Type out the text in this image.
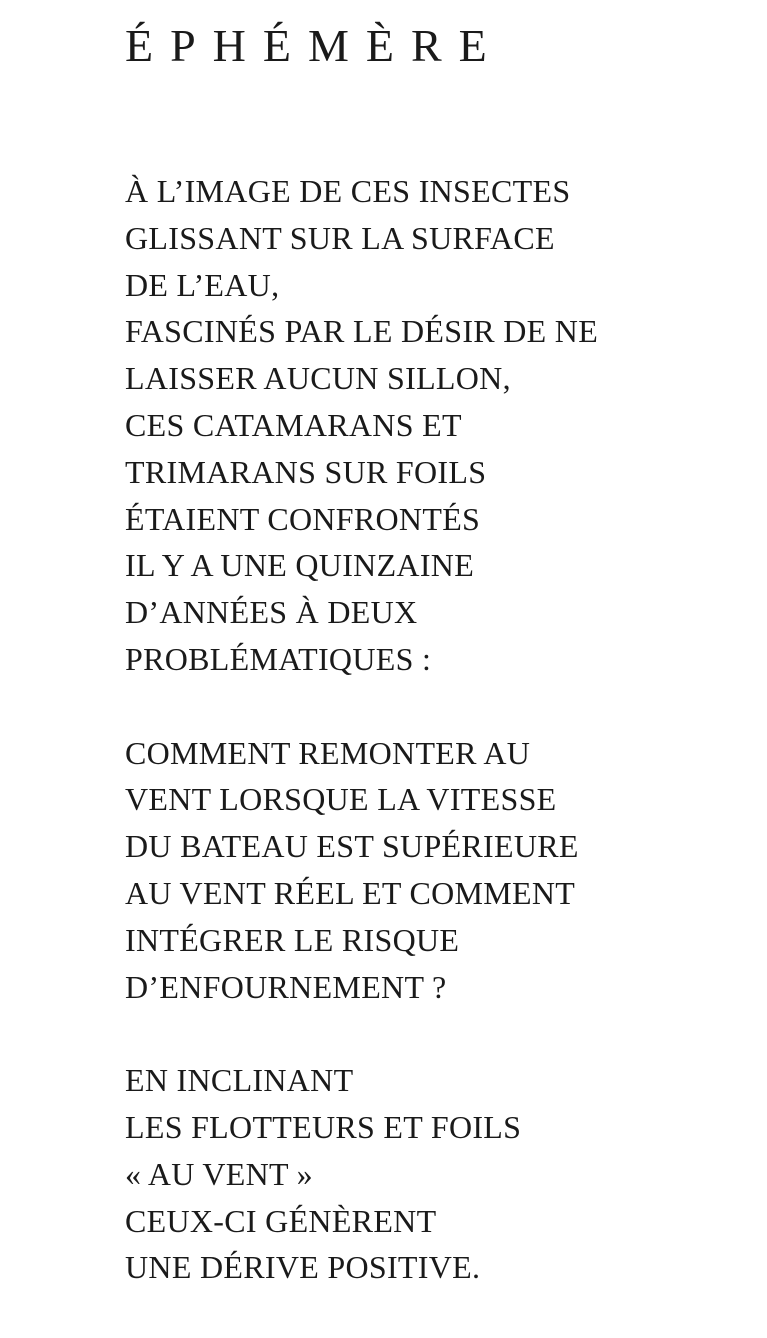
ÉPHÉMÈRE

À L’IMAGE DE CES INSECTES
GLISSANT SUR LA SURFACE
DE L’EAU,
FASCINÉS PAR LE DÉSIR DE NE
LAISSER AUCUN SILLON,
CES CATAMARANS ET
TRIMARANS SUR FOILS
ÉTAIENT CONFRONTÉS
IL Y A UNE QUINZAINE
D’ANNÉES À DEUX
PROBLÉMATIQUES :

COMMENT REMONTER AU
VENT LORSQUE LA VITESSE
DU BATEAU EST SUPÉRIEURE
AU VENT RÉEL ET COMMENT
INTÉGRER LE RISQUE
D’ENFOURNEMENT ?

EN INCLINANT
LES FLOTTEURS ET FOILS
« AU VENT »
CEUX-CI GÉNÈRENT
UNE DÉRIVE POSITIVE.
